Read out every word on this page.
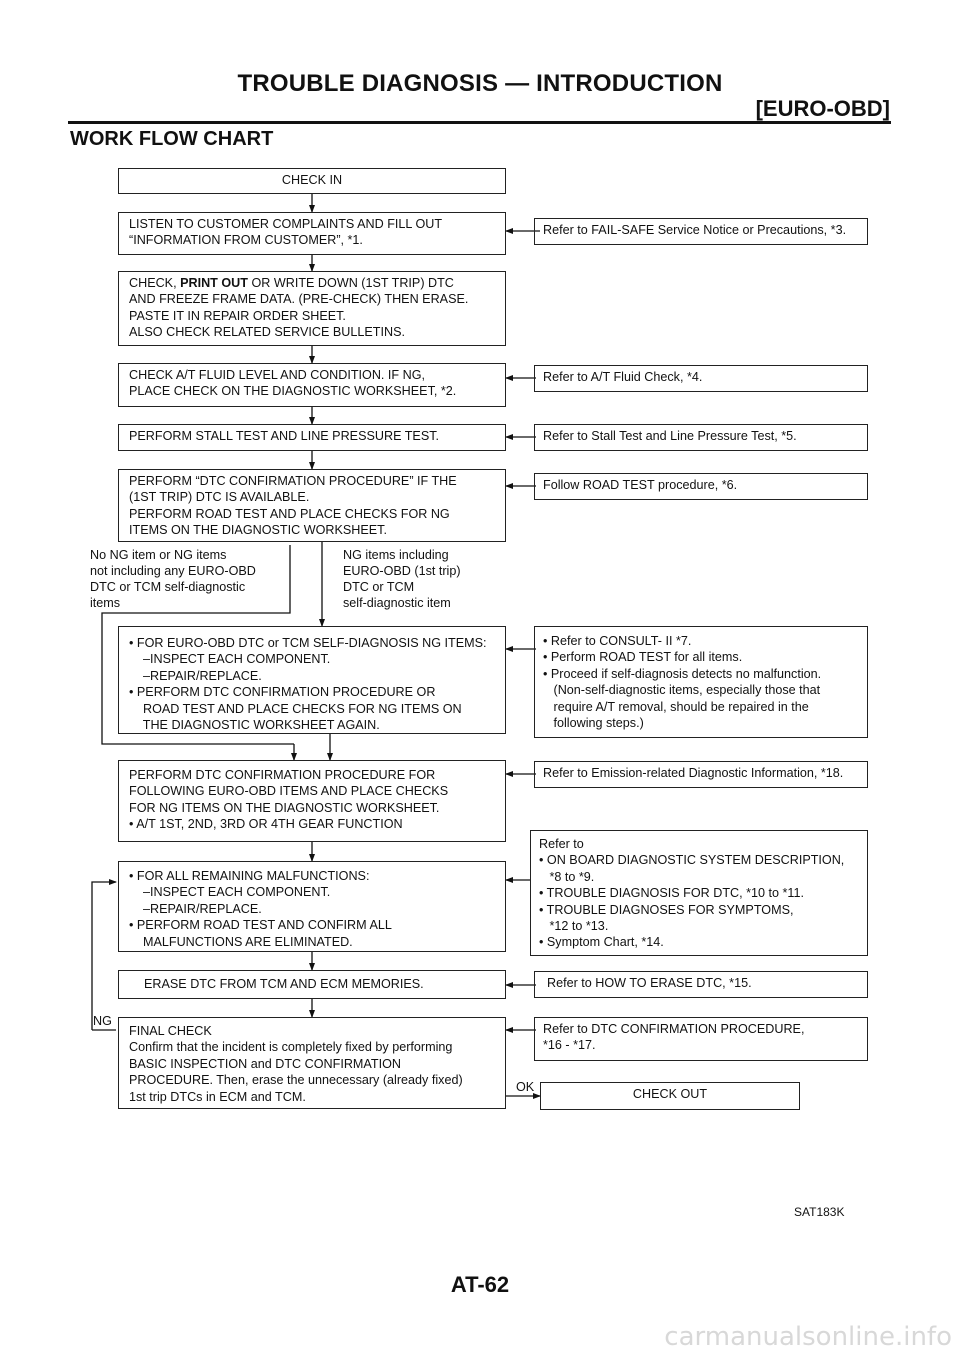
TROUBLE DIAGNOSIS — INTRODUCTION
[EURO-OBD]
WORK FLOW CHART
CHECK IN
LISTEN TO CUSTOMER COMPLAINTS AND FILL OUT
“INFORMATION FROM CUSTOMER”, *1.
Refer to FAIL-SAFE Service Notice or Precautions, *3.
CHECK, PRINT OUT OR WRITE DOWN (1ST TRIP) DTC
AND FREEZE FRAME DATA. (PRE-CHECK) THEN ERASE.
PASTE IT IN REPAIR ORDER SHEET.
ALSO CHECK RELATED SERVICE BULLETINS.
CHECK A/T FLUID LEVEL AND CONDITION. IF NG,
PLACE CHECK ON THE DIAGNOSTIC WORKSHEET, *2.
Refer to A/T Fluid Check, *4.
PERFORM STALL TEST AND LINE PRESSURE TEST.	Refer to Stall Test and Line Pressure Test, *5.
PERFORM “DTC CONFIRMATION PROCEDURE” IF THE
(1ST TRIP) DTC IS AVAILABLE.
PERFORM ROAD TEST AND PLACE CHECKS FOR NG
ITEMS ON THE DIAGNOSTIC WORKSHEET.
Follow ROAD TEST procedure, *6.
No NG item or NG items
not including any EURO-OBD
DTC or TCM self-diagnostic
items
NG items including
EURO-OBD (1st trip)
DTC or TCM
self-diagnostic item
• FOR EURO-OBD DTC or TCM SELF-DIAGNOSIS NG ITEMS:
–INSPECT EACH COMPONENT.
–REPAIR/REPLACE.
• PERFORM DTC CONFIRMATION PROCEDURE OR
ROAD TEST AND PLACE CHECKS FOR NG ITEMS ON
THE DIAGNOSTIC WORKSHEET AGAIN.
• Refer to CONSULT- II *7.
• Perform ROAD TEST for all items.
• Proceed if self-diagnosis detects no malfunction.
(Non-self-diagnostic items, especially those that
require A/T removal, should be repaired in the
following steps.)
PERFORM DTC CONFIRMATION PROCEDURE FOR
FOLLOWING EURO-OBD ITEMS AND PLACE CHECKS
FOR NG ITEMS ON THE DIAGNOSTIC WORKSHEET.
• A/T 1ST, 2ND, 3RD OR 4TH GEAR FUNCTION
Refer to Emission-related Diagnostic Information, *18.
• FOR ALL REMAINING MALFUNCTIONS:
–INSPECT EACH COMPONENT.
–REPAIR/REPLACE.
• PERFORM ROAD TEST AND CONFIRM ALL
MALFUNCTIONS ARE ELIMINATED.
Refer to
• ON BOARD DIAGNOSTIC SYSTEM DESCRIPTION,
*8 to *9.
• TROUBLE DIAGNOSIS FOR DTC, *10 to *11.
• TROUBLE DIAGNOSES FOR SYMPTOMS,
*12 to *13.
• Symptom Chart, *14.
ERASE DTC FROM TCM AND ECM MEMORIES.	Refer to HOW TO ERASE DTC, *15.
NG
FINAL CHECK
Confirm that the incident is completely fixed by performing
BASIC INSPECTION and DTC CONFIRMATION
PROCEDURE. Then, erase the unnecessary (already fixed)
1st trip DTCs in ECM and TCM.
Refer to DTC CONFIRMATION PROCEDURE,
*16 - *17.
OK	CHECK OUT
SAT183K
AT-62
carmanualsonline.info
